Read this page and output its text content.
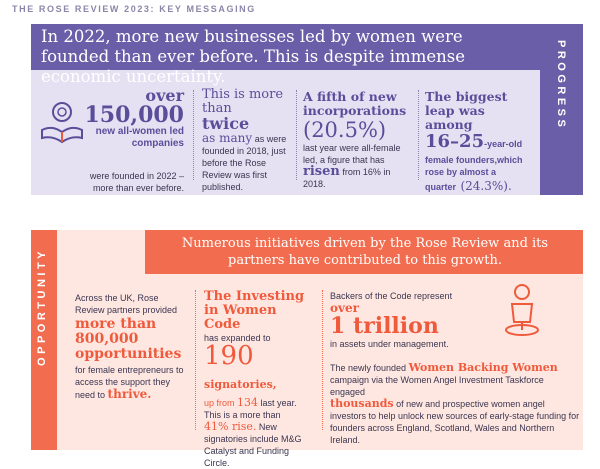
THE ROSE REVIEW 2023: KEY MESSAGING
In 2022, more new businesses led by women were founded than ever before. This is despite immense economic uncertainty.	PROGRESS
over
150,000
new all-women led companies
were founded in 2022 – more than ever before.
This is more than
twice
as many as were founded in 2018, just before the Rose Review was first published.
A fifth of new incorporations
(20.5%)
last year were all-female led, a figure that has
risen from 16% in 2018.
The biggest leap was among
16–25-year-old
female founders,which rose by almost a
quarter (24.3%).
OPPORTUNITY
Numerous initiatives driven by the Rose Review and its partners have contributed to this growth.
Across the UK, Rose Review partners provided
more than 800,000 opportunities
for female entrepreneurs to access the support they need to thrive.
The Investing in Women Code
has expanded to
190 signatories,
up from 134 last year.
This is a more than
41% rise. New signatories include M&G Catalyst and Funding Circle.
Backers of the Code represent
over
1 trillion
in assets under management.
The newly founded Women Backing Women
campaign via the Women Angel Investment Taskforce engaged
thousands of new and prospective women angel investors to help unlock new sources of early-stage funding for founders across England, Scotland, Wales and Northern Ireland.
